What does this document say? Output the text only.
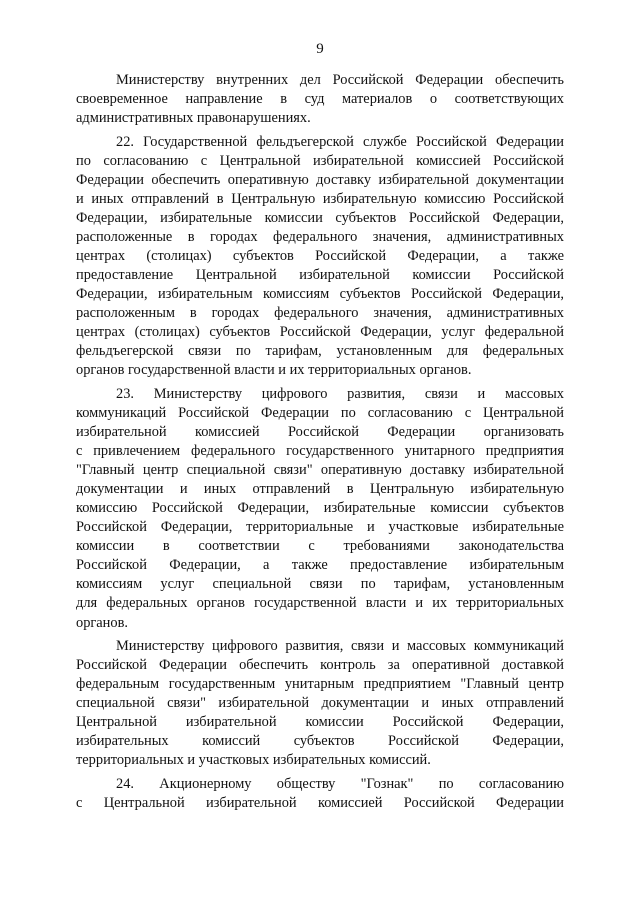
9
Министерству внутренних дел Российской Федерации обеспечить
своевременное направление в суд материалов о соответствующих
административных правонарушениях.
22. Государственной фельдъегерской службе Российской Федерации
по согласованию с Центральной избирательной комиссией Российской
Федерации обеспечить оперативную доставку избирательной документации
и иных отправлений в Центральную избирательную комиссию Российской
Федерации, избирательные комиссии субъектов Российской Федерации,
расположенные в городах федерального значения, административных
центрах (столицах) субъектов Российской Федерации, а также
предоставление Центральной избирательной комиссии Российской
Федерации, избирательным комиссиям субъектов Российской Федерации,
расположенным в городах федерального значения, административных
центрах (столицах) субъектов Российской Федерации, услуг федеральной
фельдъегерской связи по тарифам, установленным для федеральных
органов государственной власти и их территориальных органов.
23. Министерству цифрового развития, связи и массовых
коммуникаций Российской Федерации по согласованию с Центральной
избирательной комиссией Российской Федерации организовать
с привлечением федерального государственного унитарного предприятия
"Главный центр специальной связи" оперативную доставку избирательной
документации и иных отправлений в Центральную избирательную
комиссию Российской Федерации, избирательные комиссии субъектов
Российской Федерации, территориальные и участковые избирательные
комиссии в соответствии с требованиями законодательства
Российской Федерации, а также предоставление избирательным
комиссиям услуг специальной связи по тарифам, установленным
для федеральных органов государственной власти и их территориальных
органов.
Министерству цифрового развития, связи и массовых коммуникаций
Российской Федерации обеспечить контроль за оперативной доставкой
федеральным государственным унитарным предприятием "Главный центр
специальной связи" избирательной документации и иных отправлений
Центральной избирательной комиссии Российской Федерации,
избирательных комиссий субъектов Российской Федерации,
территориальных и участковых избирательных комиссий.
24. Акционерному обществу "Гознак" по согласованию
с Центральной избирательной комиссией Российской Федерации
